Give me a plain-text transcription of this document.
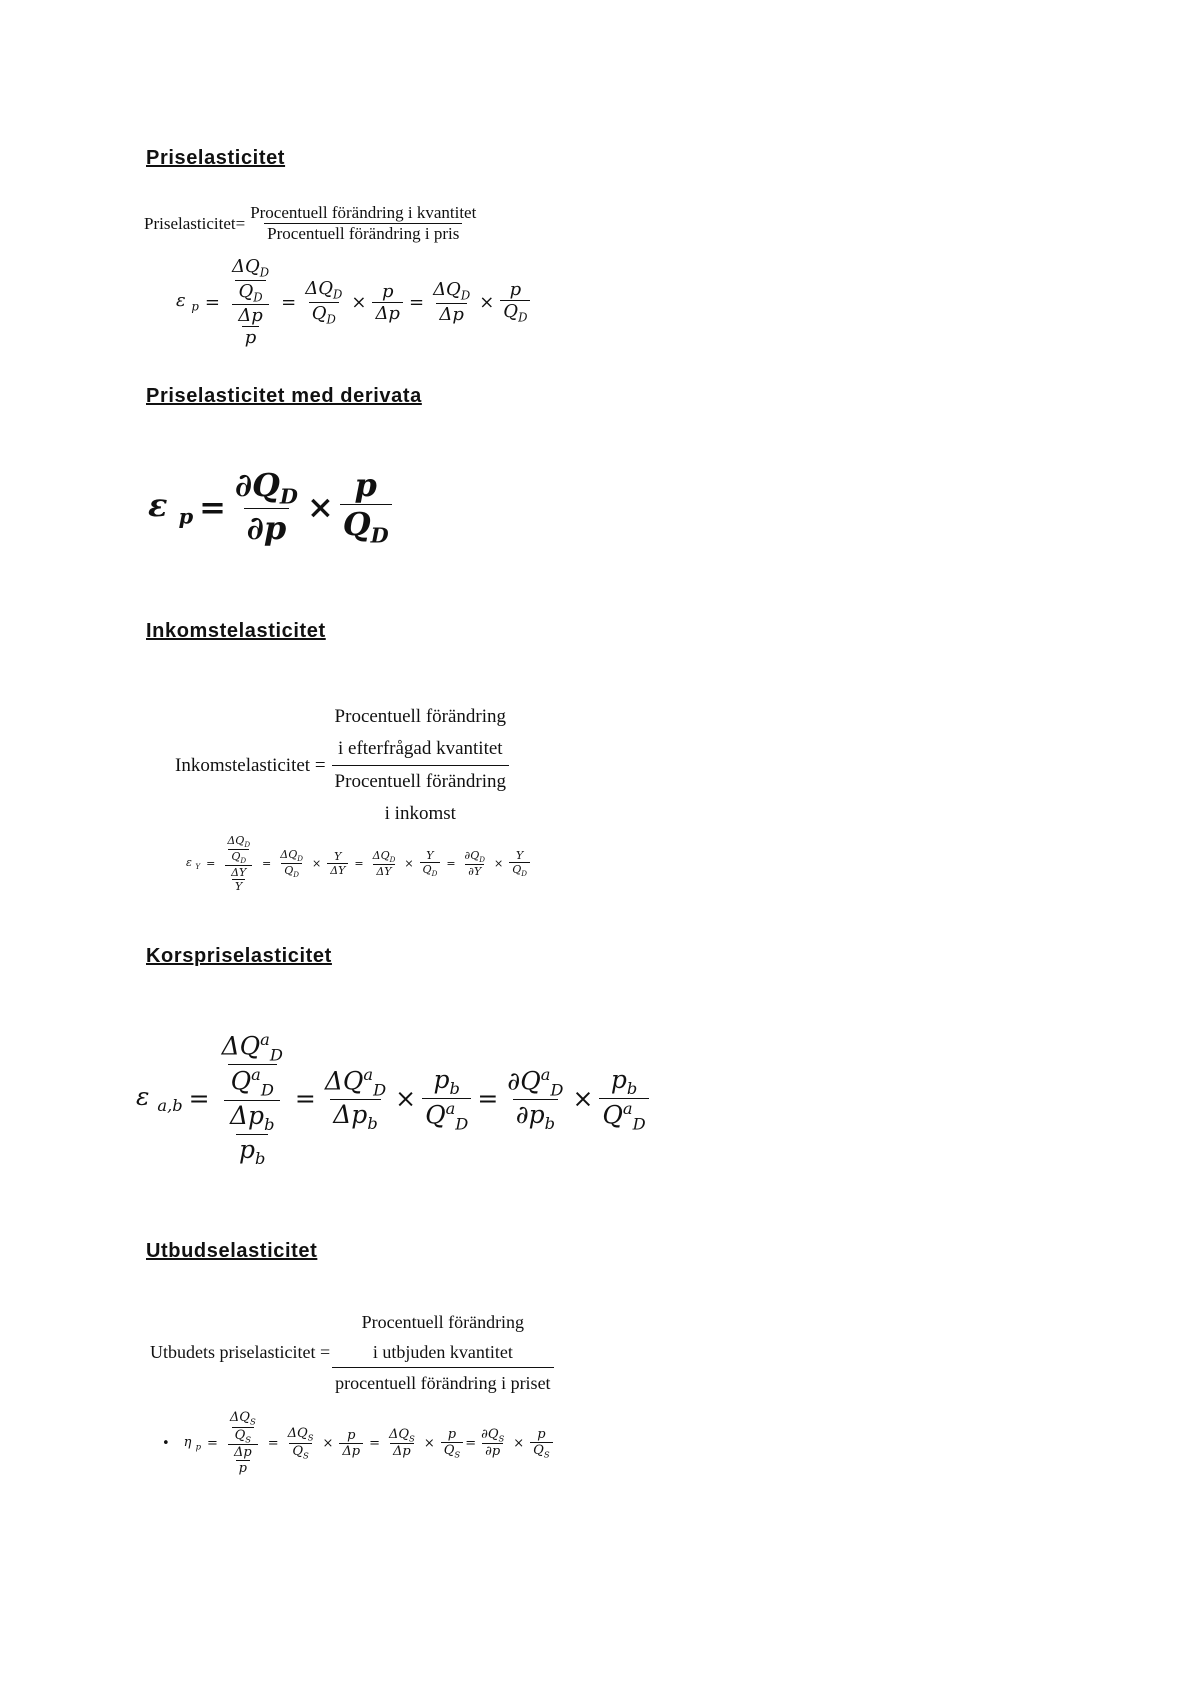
Priselasticitet
Priselasticitet= $\frac{\text{Procentuell förändring i kvantitet}}{\text{Procentuell förändring i pris}}$
ε $_p = \frac{\frac{\Delta Q_D}{Q_D}}{\frac{\Delta p}{p}} = \frac{\Delta Q_D}{Q_D} \times \frac{p}{\Delta p} = \frac{\Delta Q_D}{\Delta p} \times \frac{p}{Q_D}$
Priselasticitet med derivata
ε $_p = \frac{\partial Q_D}{\partial p} \times \frac{p}{Q_D}$
Inkomstelasticitet
Inkomstelasticitet = Procentuell förändring
i efterfrågad kvantitet
Procentuell förändring
i inkomst
ε $_Y = \frac{\frac{\Delta Q_D}{Q_D}}{\frac{\Delta Y}{Y}} = \frac{\Delta Q_D}{Q_D} \times \frac{Y}{\Delta Y} = \frac{\Delta Q_D}{\Delta Y} \times \frac{Y}{Q_D} = \frac{\partial Q_D}{\partial Y} \times \frac{Y}{Q_D}$
Korspriselasticitet
ε $_{a,b} = \frac{\frac{\Delta Q^a_D}{Q^a_D}}{\frac{\Delta p_b}{p_b}} = \frac{\Delta Q^a_D}{\Delta p_b} \times \frac{p_b}{Q^a_D} = \frac{\partial Q^a_D}{\partial p_b} \times \frac{p_b}{Q^a_D}$
Utbudselasticitet
Utbudets priselasticitet = Procentuell förändring
i utbjuden kvantitet
procentuell förändring i priset
• η $_p = \frac{\frac{\Delta Q_S}{Q_S}}{\frac{\Delta p}{p}} = \frac{\Delta Q_S}{Q_S} \times \frac{p}{\Delta p} = \frac{\Delta Q_S}{\Delta p} \times \frac{p}{Q_S} = \frac{\partial Q_S}{\partial p} \times \frac{p}{Q_S}$
